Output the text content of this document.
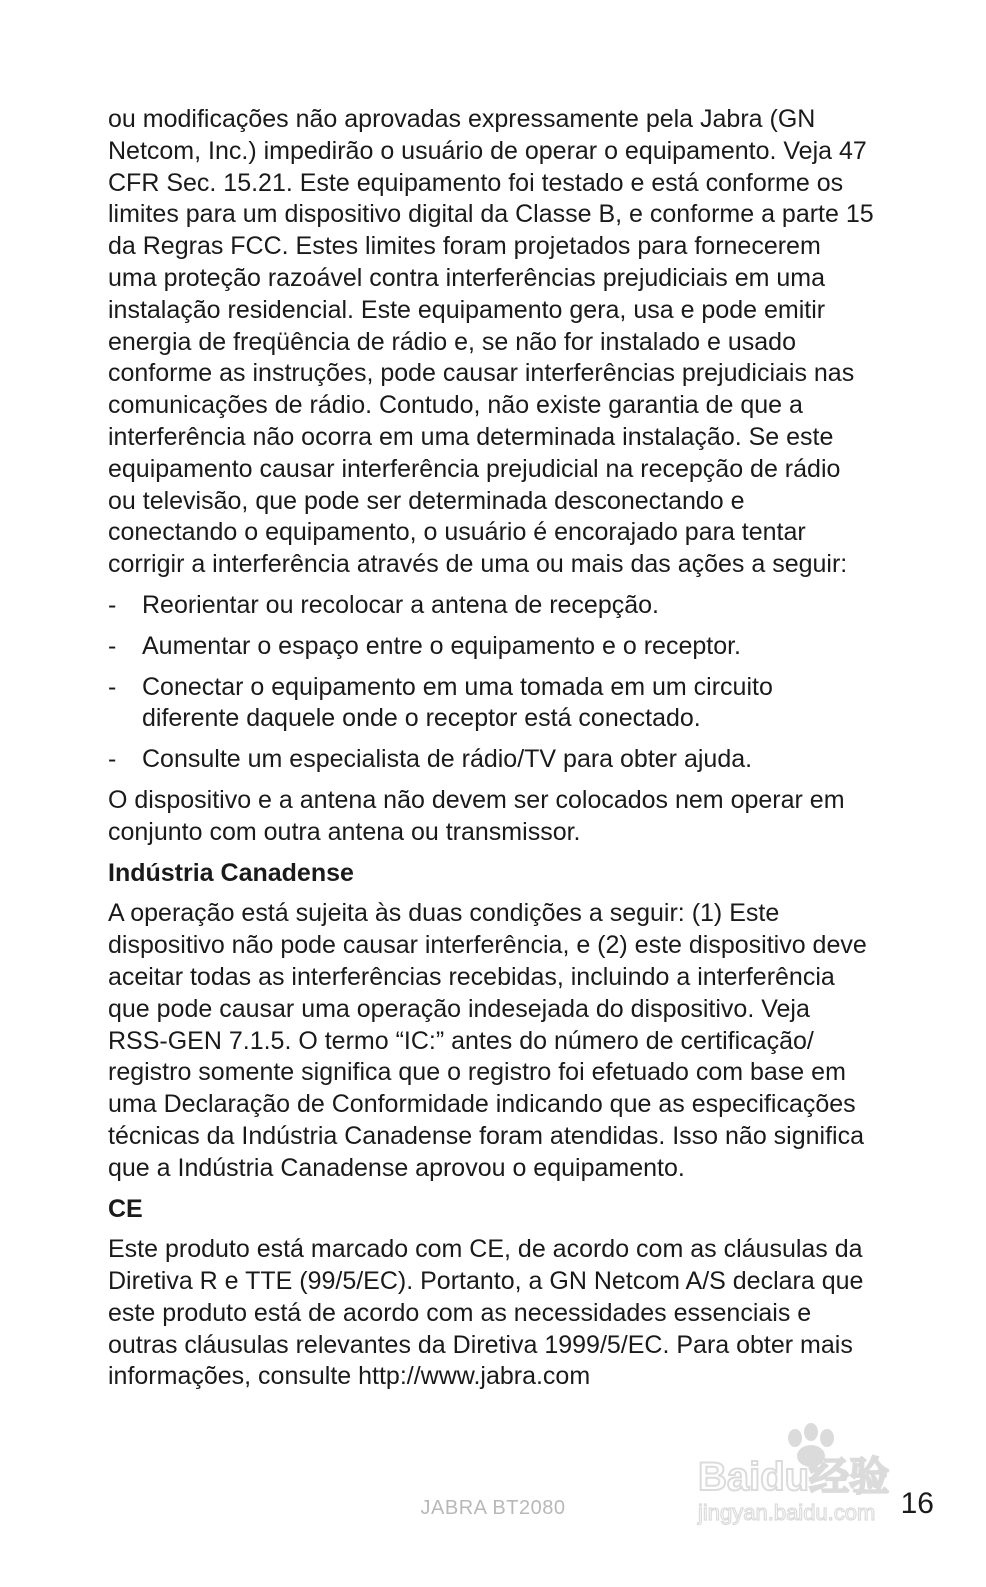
ou modificações não aprovadas expressamente pela Jabra (GN Netcom, Inc.) impedirão o usuário de operar o equipamento. Veja 47 CFR Sec. 15.21. Este equipamento foi testado e está conforme os limites para um dispositivo digital da Classe B, e conforme a parte 15 da Regras FCC. Estes limites foram projetados para fornecerem uma proteção razoável contra interferências prejudiciais em uma instalação residencial. Este equipamento gera, usa e pode emitir energia de freqüência de rádio e, se não for instalado e usado conforme as instruções, pode causar interferências prejudiciais nas comunicações de rádio. Contudo, não existe garantia de que a interferência não ocorra em uma determinada instalação. Se este equipamento causar interferência prejudicial na recepção de rádio ou televisão, que pode ser determinada desconectando e conectando o equipamento, o usuário é encorajado para tentar corrigir a interferência através de uma ou mais das ações a seguir:

-	Reorientar ou recolocar a antena de recepção.
-	Aumentar o espaço entre o equipamento e o receptor.
-	Conectar o equipamento em uma tomada em um circuito diferente daquele onde o receptor está conectado.
-	Consulte um especialista de rádio/TV para obter ajuda.

O dispositivo e a antena não devem ser colocados nem operar em conjunto com outra antena ou transmissor.

Indústria Canadense

A operação está sujeita às duas condições a seguir: (1) Este dispositivo não pode causar interferência, e (2) este dispositivo deve aceitar todas as interferências recebidas, incluindo a interferência que pode causar uma operação indesejada do dispositivo. Veja RSS-GEN 7.1.5. O termo “IC:” antes do número de certificação/ registro somente significa que o registro foi efetuado com base em uma Declaração de Conformidade indicando que as especificações técnicas da Indústria Canadense foram atendidas. Isso não significa que a Indústria Canadense aprovou o equipamento.

CE

Este produto está marcado com CE, de acordo com as cláusulas da Diretiva R e TTE (99/5/EC). Portanto, a GN Netcom A/S declara que este produto está de acordo com as necessidades essenciais e outras cláusulas relevantes da Diretiva 1999/5/EC. Para obter mais informações, consulte http://www.jabra.com

Baidu经验
jingyan.baidu.com
JABRA BT2080	16
